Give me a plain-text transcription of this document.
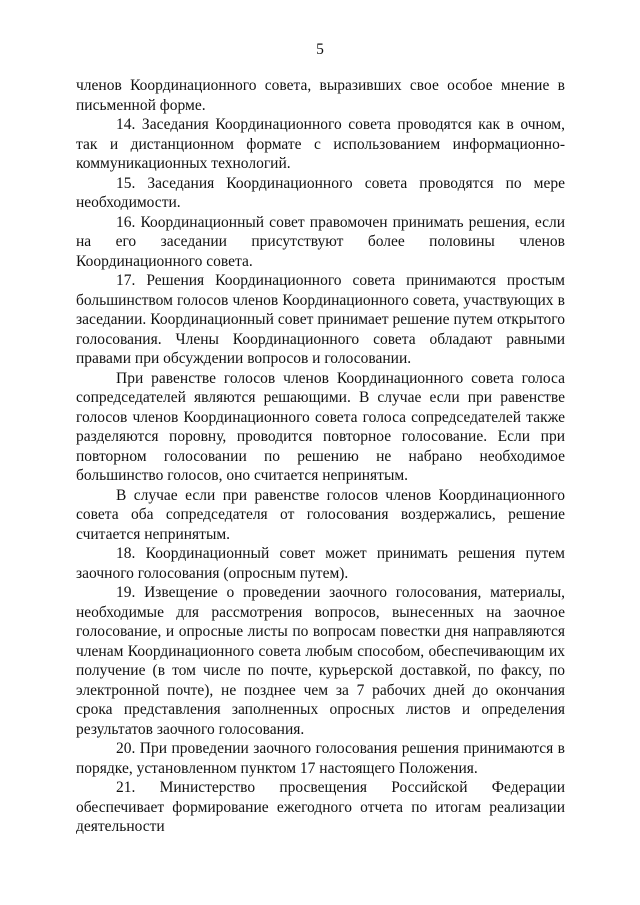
5

членов Координационного совета, выразивших свое особое мнение в письменной форме.

14. Заседания Координационного совета проводятся как в очном, так и дистанционном формате с использованием информационно-коммуникационных технологий.

15. Заседания Координационного совета проводятся по мере необходимости.

16. Координационный совет правомочен принимать решения, если на его заседании присутствуют более половины членов Координационного совета.

17. Решения Координационного совета принимаются простым большинством голосов членов Координационного совета, участвующих в заседании. Координационный совет принимает решение путем открытого голосования. Члены Координационного совета обладают равными правами при обсуждении вопросов и голосовании.

При равенстве голосов членов Координационного совета голоса сопредседателей являются решающими. В случае если при равенстве голосов членов Координационного совета голоса сопредседателей также разделяются поровну, проводится повторное голосование. Если при повторном голосовании по решению не набрано необходимое большинство голосов, оно считается непринятым.

В случае если при равенстве голосов членов Координационного совета оба сопредседателя от голосования воздержались, решение считается непринятым.

18. Координационный совет может принимать решения путем заочного голосования (опросным путем).

19. Извещение о проведении заочного голосования, материалы, необходимые для рассмотрения вопросов, вынесенных на заочное голосование, и опросные листы по вопросам повестки дня направляются членам Координационного совета любым способом, обеспечивающим их получение (в том числе по почте, курьерской доставкой, по факсу, по электронной почте), не позднее чем за 7 рабочих дней до окончания срока представления заполненных опросных листов и определения результатов заочного голосования.

20. При проведении заочного голосования решения принимаются в порядке, установленном пунктом 17 настоящего Положения.

21. Министерство просвещения Российской Федерации обеспечивает формирование ежегодного отчета по итогам реализации деятельности
